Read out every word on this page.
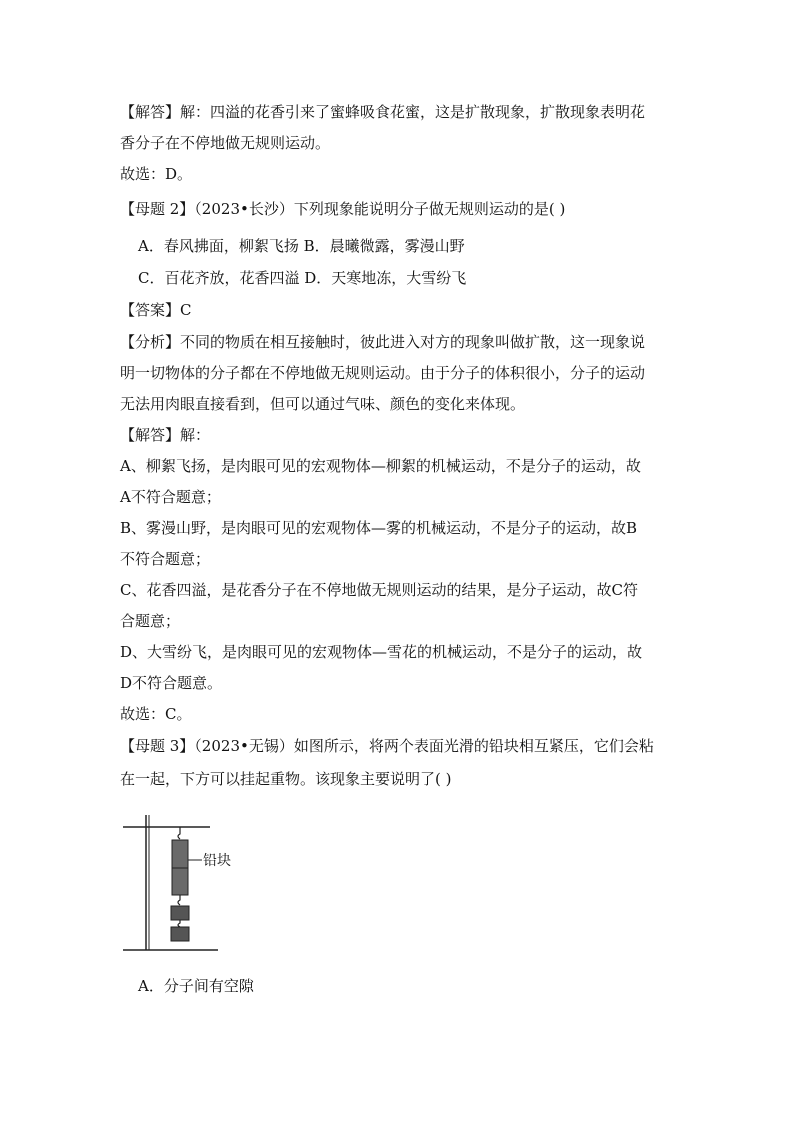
【解答】解：四溢的花香引来了蜜蜂吸食花蜜，这是扩散现象，扩散现象表明花
香分子在不停地做无规则运动。
故选：D。
【母题 2】（2023•长沙）下列现象能说明分子做无规则运动的是( )
A．春风拂面，柳絮飞扬 B．晨曦微露，雾漫山野
C．百花齐放，花香四溢 D．天寒地冻，大雪纷飞
【答案】C
【分析】不同的物质在相互接触时，彼此进入对方的现象叫做扩散，这一现象说
明一切物体的分子都在不停地做无规则运动。由于分子的体积很小，分子的运动
无法用肉眼直接看到，但可以通过气味、颜色的变化来体现。
【解答】解：
A、柳絮飞扬，是肉眼可见的宏观物体—柳絮的机械运动，不是分子的运动，故
A不符合题意；
B、雾漫山野，是肉眼可见的宏观物体—雾的机械运动，不是分子的运动，故B
不符合题意；
C、花香四溢，是花香分子在不停地做无规则运动的结果，是分子运动，故C符
合题意；
D、大雪纷飞，是肉眼可见的宏观物体—雪花的机械运动，不是分子的运动，故
D不符合题意。
故选：C。
【母题 3】（2023•无锡）如图所示，将两个表面光滑的铅块相互紧压，它们会粘
在一起，下方可以挂起重物。该现象主要说明了( )
铅块
A．分子间有空隙
